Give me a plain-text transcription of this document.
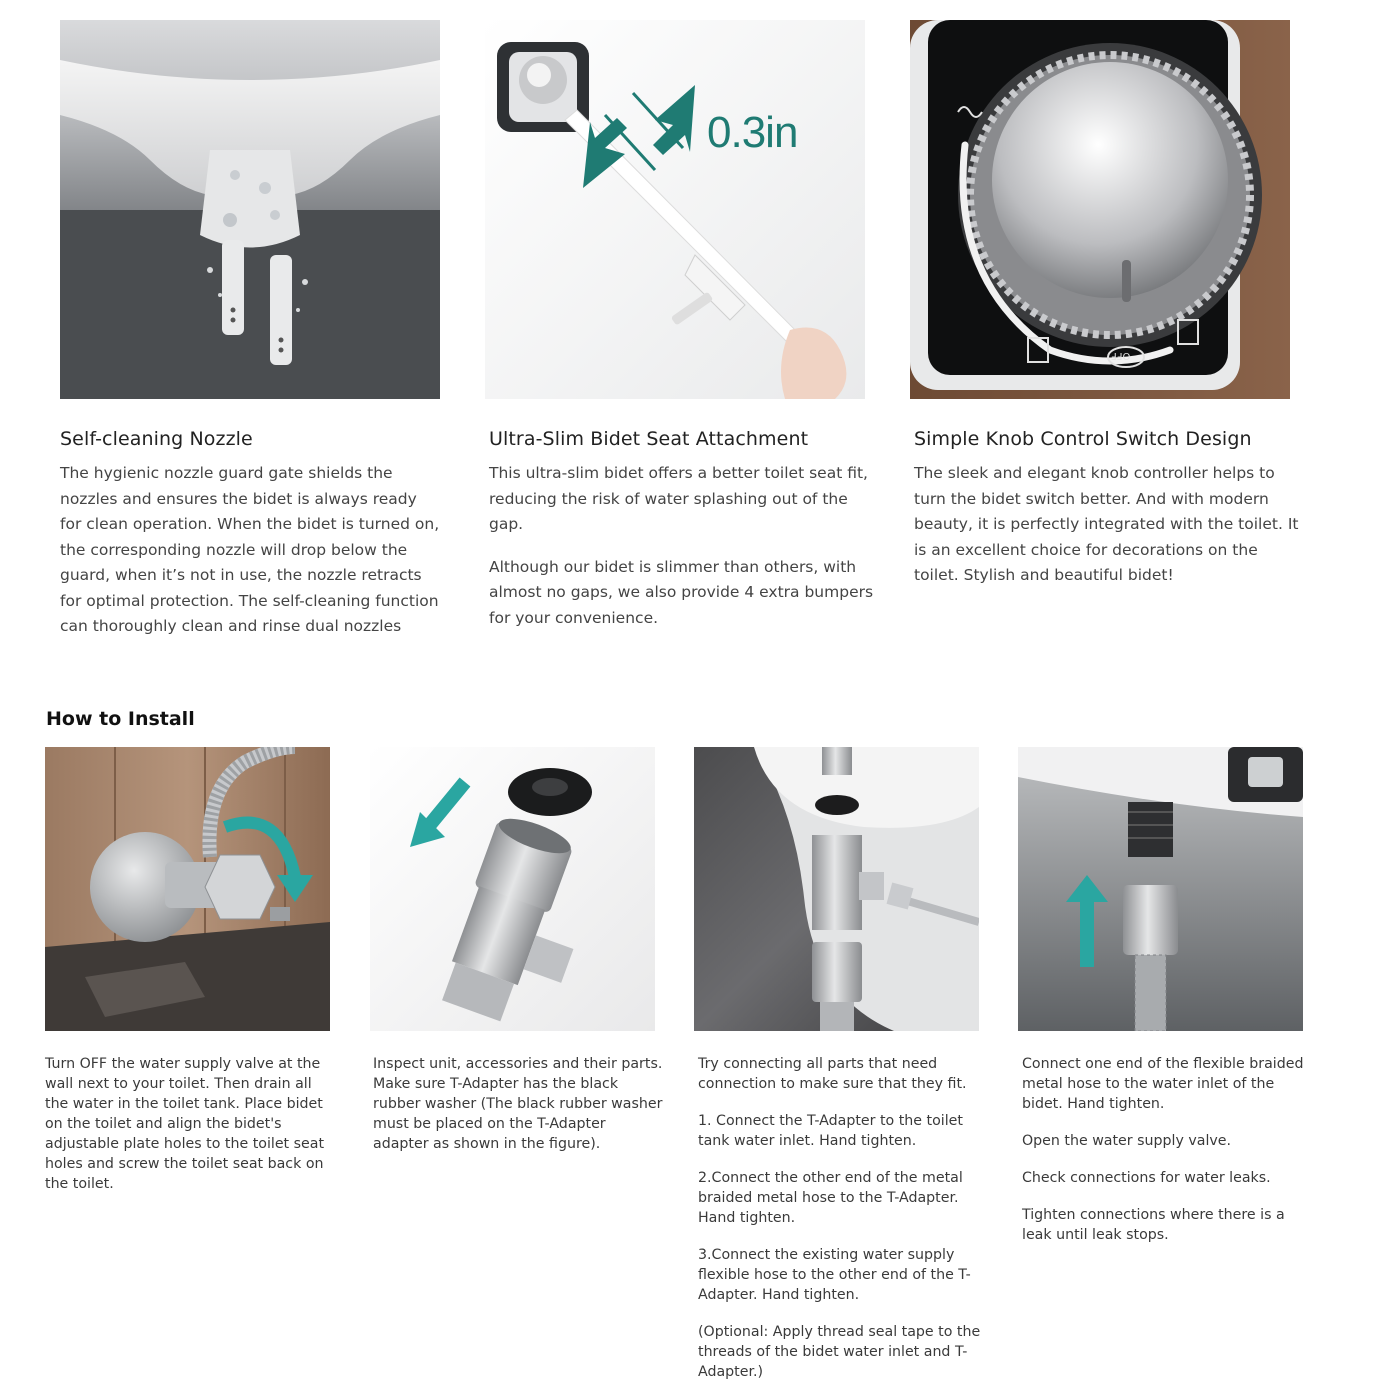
0.3in
OFF
Self-cleaning Nozzle

The hygienic nozzle guard gate shields the nozzles and ensures the bidet is always ready for clean operation. When the bidet is turned on, the corresponding nozzle will drop below the guard, when it’s not in use, the nozzle retracts for optimal protection. The self-cleaning function can thoroughly clean and rinse dual nozzles

Ultra-Slim Bidet Seat Attachment

This ultra-slim bidet offers a better toilet seat fit, reducing the risk of water splashing out of the gap.

Although our bidet is slimmer than others, with almost no gaps, we also provide 4 extra bumpers for your convenience.

Simple Knob Control Switch Design

The sleek and elegant knob controller helps to turn the bidet switch better. And with modern beauty, it is perfectly integrated with the toilet. It is an excellent choice for decorations on the toilet. Stylish and beautiful bidet!

How to Install

Turn OFF the water supply valve at the wall next to your toilet. Then drain all the water in the toilet tank. Place bidet on the toilet and align the bidet's adjustable plate holes to the toilet seat holes and screw the toilet seat back on the toilet.

Inspect unit, accessories and their parts. Make sure T-Adapter has the black rubber washer (The black rubber washer must be placed on the T-Adapter adapter as shown in the figure).

Try connecting all parts that need connection to make sure that they fit.

1. Connect the T-Adapter to the toilet tank water inlet. Hand tighten.

2.Connect the other end of the metal braided metal hose to the T-Adapter. Hand tighten.

3.Connect the existing water supply flexible hose to the other end of the T-Adapter. Hand tighten.

(Optional: Apply thread seal tape to the threads of the bidet water inlet and T-Adapter.)

Connect one end of the flexible braided metal hose to the water inlet of the bidet. Hand tighten.

Open the water supply valve.

Check connections for water leaks.

Tighten connections where there is a leak until leak stops.
